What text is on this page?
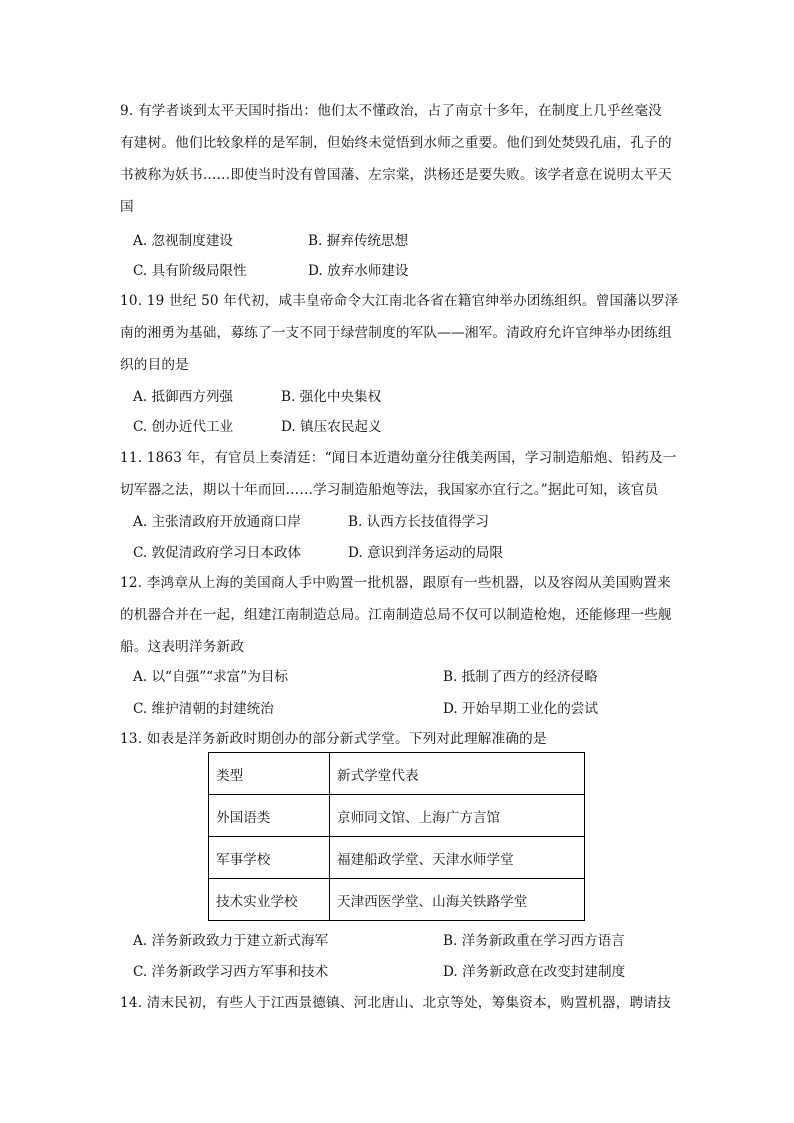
9. 有学者谈到太平天国时指出：他们太不懂政治，占了南京十多年，在制度上几乎丝毫没
有建树。他们比较象样的是军制，但始终未觉悟到水师之重要。他们到处焚毁孔庙，孔子的
书被称为妖书……即使当时没有曾国藩、左宗棠，洪杨还是要失败。该学者意在说明太平天
国
A. 忽视制度建设	B. 摒弃传统思想
C. 具有阶级局限性	D. 放弃水师建设
10. 19 世纪 50 年代初，咸丰皇帝命令大江南北各省在籍官绅举办团练组织。曾国藩以罗泽
南的湘勇为基础，募练了一支不同于绿营制度的军队——湘军。清政府允许官绅举办团练组
织的目的是
A. 抵御西方列强	B. 强化中央集权
C. 创办近代工业	D. 镇压农民起义
11. 1863 年，有官员上奏清廷：“闻日本近遣幼童分往俄美两国，学习制造船炮、铅药及一
切军器之法，期以十年而回……学习制造船炮等法，我国家亦宜行之。”据此可知，该官员
A. 主张清政府开放通商口岸	B. 认西方长技值得学习
C. 敦促清政府学习日本政体	D. 意识到洋务运动的局限
12. 李鸿章从上海的美国商人手中购置一批机器，跟原有一些机器，以及容闳从美国购置来
的机器合并在一起，组建江南制造总局。江南制造总局不仅可以制造枪炮，还能修理一些舰
船。这表明洋务新政
A. 以“自强”“求富”为目标	B. 抵制了西方的经济侵略
C. 维护清朝的封建统治	D. 开始早期工业化的尝试
13. 如表是洋务新政时期创办的部分新式学堂。下列对此理解准确的是
类型	新式学堂代表
外国语类	京师同文馆、上海广方言馆
军事学校	福建船政学堂、天津水师学堂
技术实业学校	天津西医学堂、山海关铁路学堂
A. 洋务新政致力于建立新式海军	B. 洋务新政重在学习西方语言
C. 洋务新政学习西方军事和技术	D. 洋务新政意在改变封建制度
14. 清末民初，有些人于江西景德镇、河北唐山、北京等处，筹集资本，购置机器，聘请技
